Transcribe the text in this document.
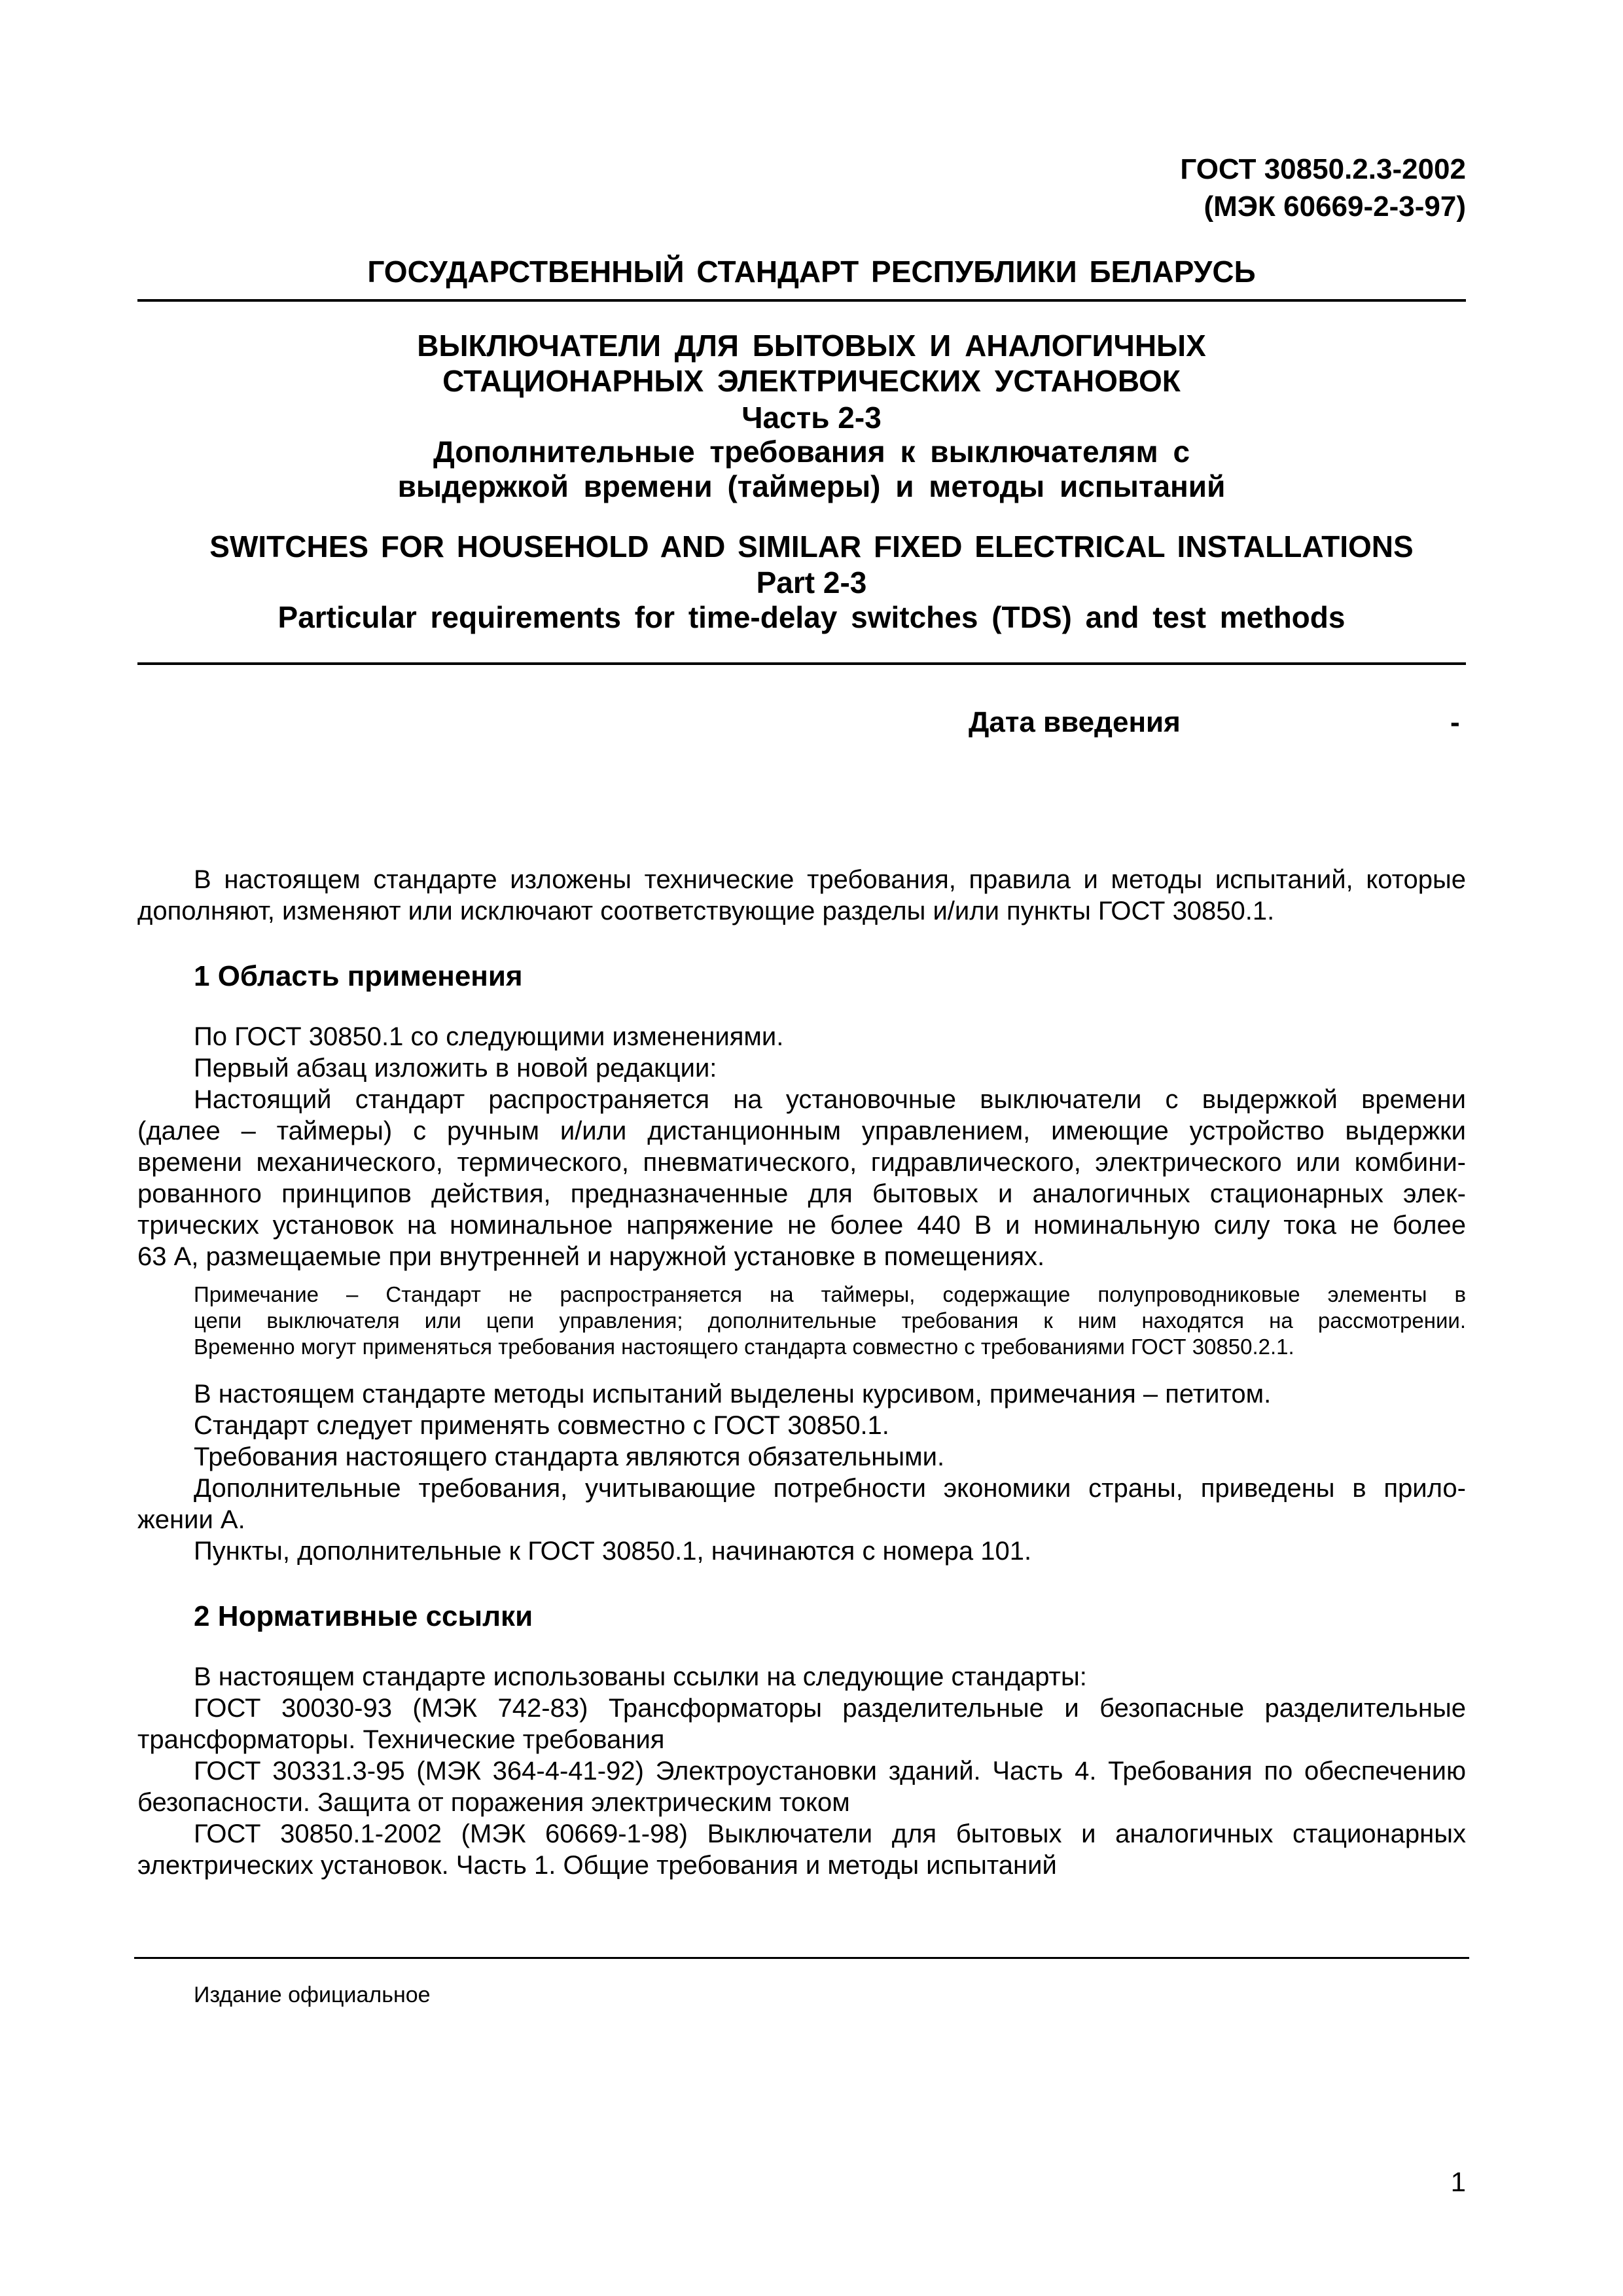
ГОСТ 30850.2.3-2002
(МЭК 60669-2-3-97)
ГОСУДАРСТВЕННЫЙ СТАНДАРТ РЕСПУБЛИКИ БЕЛАРУСЬ
ВЫКЛЮЧАТЕЛИ ДЛЯ БЫТОВЫХ И АНАЛОГИЧНЫХ
СТАЦИОНАРНЫХ ЭЛЕКТРИЧЕСКИХ УСТАНОВОК
Часть 2-3
Дополнительные требования к выключателям с
выдержкой времени (таймеры) и методы испытаний
SWITCHES FOR HOUSEHOLD AND SIMILAR FIXED ELECTRICAL INSTALLATIONS
Part 2-3
Particular requirements for time-delay switches (TDS) and test methods
Дата введения	-
В настоящем стандарте изложены технические требования, правила и методы испытаний, которые
дополняют, изменяют или исключают соответствующие разделы и/или пункты ГОСТ 30850.1.
1 Область применения
По ГОСТ 30850.1 со следующими изменениями.
Первый абзац изложить в новой редакции:
Настоящий стандарт распространяется на установочные выключатели с выдержкой времени
(далее – таймеры) с ручным и/или дистанционным управлением, имеющие устройство выдержки
времени механического, термического, пневматического, гидравлического, электрического или комбини-
рованного принципов действия, предназначенные для бытовых и аналогичных стационарных элек-
трических установок на номинальное напряжение не более 440 В и номинальную силу тока не более
63 А, размещаемые при внутренней и наружной установке в помещениях.
Примечание – Стандарт не распространяется на таймеры, содержащие полупроводниковые элементы в
цепи выключателя или цепи управления; дополнительные требования к ним находятся на рассмотрении.
Временно могут применяться требования настоящего стандарта совместно с требованиями ГОСТ 30850.2.1.
В настоящем стандарте методы испытаний выделены курсивом, примечания – петитом.
Стандарт следует применять совместно с ГОСТ 30850.1.
Требования настоящего стандарта являются обязательными.
Дополнительные требования, учитывающие потребности экономики страны, приведены в прило-
жении А.
Пункты, дополнительные к ГОСТ 30850.1, начинаются с номера 101.
2 Нормативные ссылки
В настоящем стандарте использованы ссылки на следующие стандарты:
ГОСТ 30030-93 (МЭК 742-83) Трансформаторы разделительные и безопасные разделительные
трансформаторы. Технические требования
ГОСТ 30331.3-95 (МЭК 364-4-41-92) Электроустановки зданий. Часть 4. Требования по обеспечению
безопасности. Защита от поражения электрическим током
ГОСТ 30850.1-2002 (МЭК 60669-1-98) Выключатели для бытовых и аналогичных стационарных
электрических установок. Часть 1. Общие требования и методы испытаний
Издание официальное
1
